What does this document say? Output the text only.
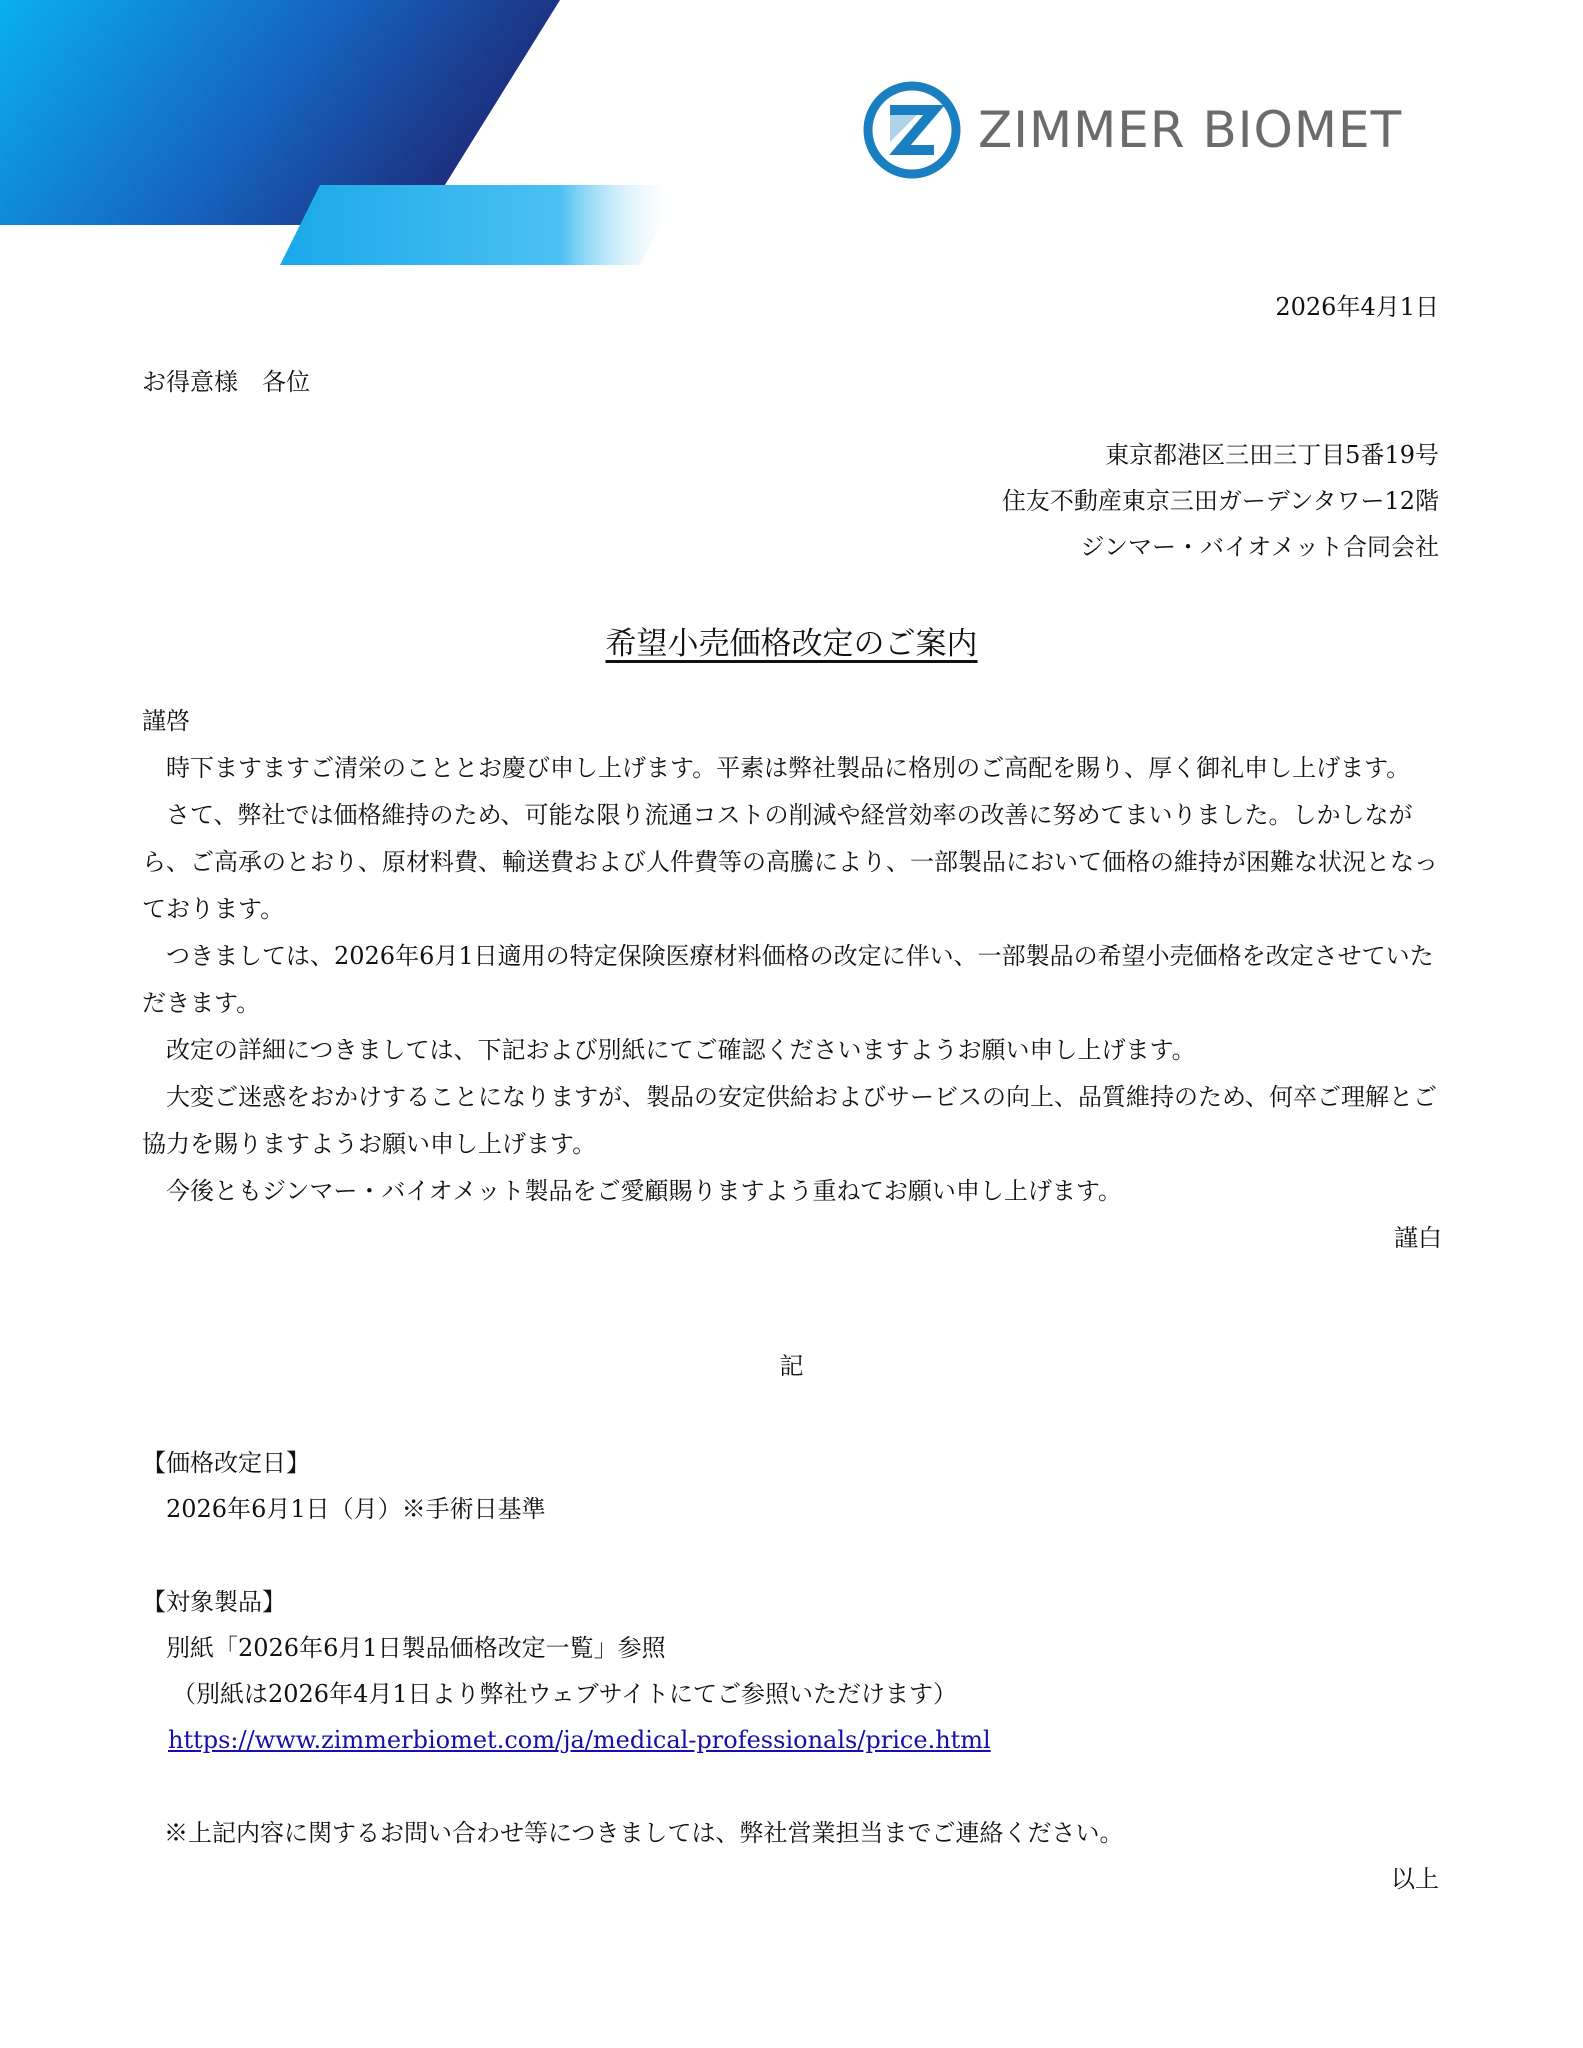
ZIMMER BIOMET
2026年4月1日
お得意様　各位
東京都港区三田三丁目5番19号
住友不動産東京三田ガーデンタワー12階
ジンマー・バイオメット合同会社
希望小売価格改定のご案内

謹啓

時下ますますご清栄のこととお慶び申し上げます。平素は弊社製品に格別のご高配を賜り、厚く御礼申し上げます。

さて、弊社では価格維持のため、可能な限り流通コストの削減や経営効率の改善に努めてまいりました。しかしながら、ご高承のとおり、原材料費、輸送費および人件費等の高騰により、一部製品において価格の維持が困難な状況となっております。

つきましては、2026年6月1日適用の特定保険医療材料価格の改定に伴い、一部製品の希望小売価格を改定させていただきます。

改定の詳細につきましては、下記および別紙にてご確認くださいますようお願い申し上げます。

大変ご迷惑をおかけすることになりますが、製品の安定供給およびサービスの向上、品質維持のため、何卒ご理解とご協力を賜りますようお願い申し上げます。

今後ともジンマー・バイオメット製品をご愛顧賜りますよう重ねてお願い申し上げます。

謹白

記
【価格改定日】
2026年6月1日（月）※手術日基準
【対象製品】
別紙「2026年6月1日製品価格改定一覧」参照
（別紙は2026年4月1日より弊社ウェブサイトにてご参照いただけます）
https://www.zimmerbiomet.com/ja/medical-professionals/price.html
※上記内容に関するお問い合わせ等につきましては、弊社営業担当までご連絡ください。
以上
